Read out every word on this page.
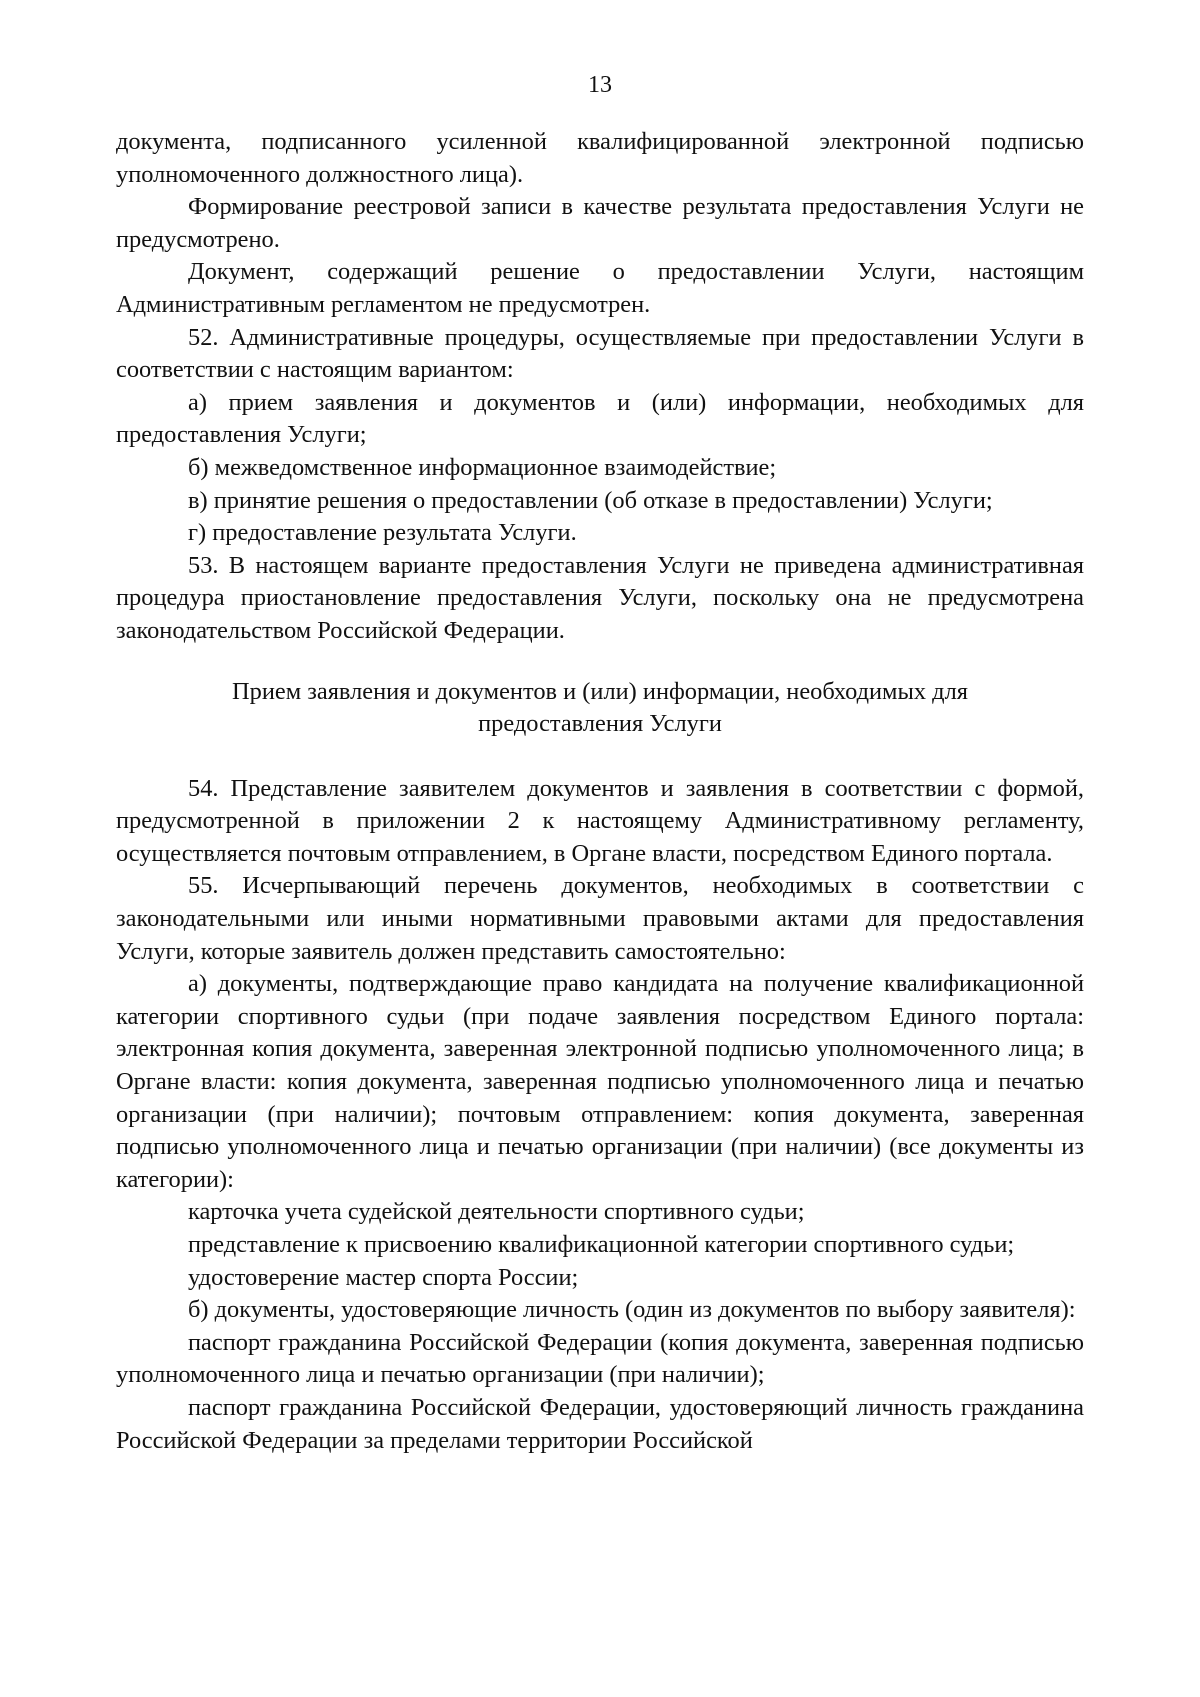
13

документа, подписанного усиленной квалифицированной электронной подписью уполномоченного должностного лица).

Формирование реестровой записи в качестве результата предоставления Услуги не предусмотрено.

Документ, содержащий решение о предоставлении Услуги, настоящим Административным регламентом не предусмотрен.

52. Административные процедуры, осуществляемые при предоставлении Услуги в соответствии с настоящим вариантом:

а) прием заявления и документов и (или) информации, необходимых для предоставления Услуги;

б) межведомственное информационное взаимодействие;

в) принятие решения о предоставлении (об отказе в предоставлении) Услуги;

г) предоставление результата Услуги.

53. В настоящем варианте предоставления Услуги не приведена административная процедура приостановление предоставления Услуги, поскольку она не предусмотрена законодательством Российской Федерации.

Прием заявления и документов и (или) информации, необходимых для предоставления Услуги

54. Представление заявителем документов и заявления в соответствии с формой, предусмотренной в приложении 2 к настоящему Административному регламенту, осуществляется почтовым отправлением, в Органе власти, посредством Единого портала.

55. Исчерпывающий перечень документов, необходимых в соответствии с законодательными или иными нормативными правовыми актами для предоставления Услуги, которые заявитель должен представить самостоятельно:

а) документы, подтверждающие право кандидата на получение квалификационной категории спортивного судьи (при подаче заявления посредством Единого портала: электронная копия документа, заверенная электронной подписью уполномоченного лица; в Органе власти: копия документа, заверенная подписью уполномоченного лица и печатью организации (при наличии); почтовым отправлением: копия документа, заверенная подписью уполномоченного лица и печатью организации (при наличии) (все документы из категории):

карточка учета судейской деятельности спортивного судьи;

представление к присвоению квалификационной категории спортивного судьи;

удостоверение мастер спорта России;

б) документы, удостоверяющие личность (один из документов по выбору заявителя):

паспорт гражданина Российской Федерации (копия документа, заверенная подписью уполномоченного лица и печатью организации (при наличии);

паспорт гражданина Российской Федерации, удостоверяющий личность гражданина Российской Федерации за пределами территории Российской
